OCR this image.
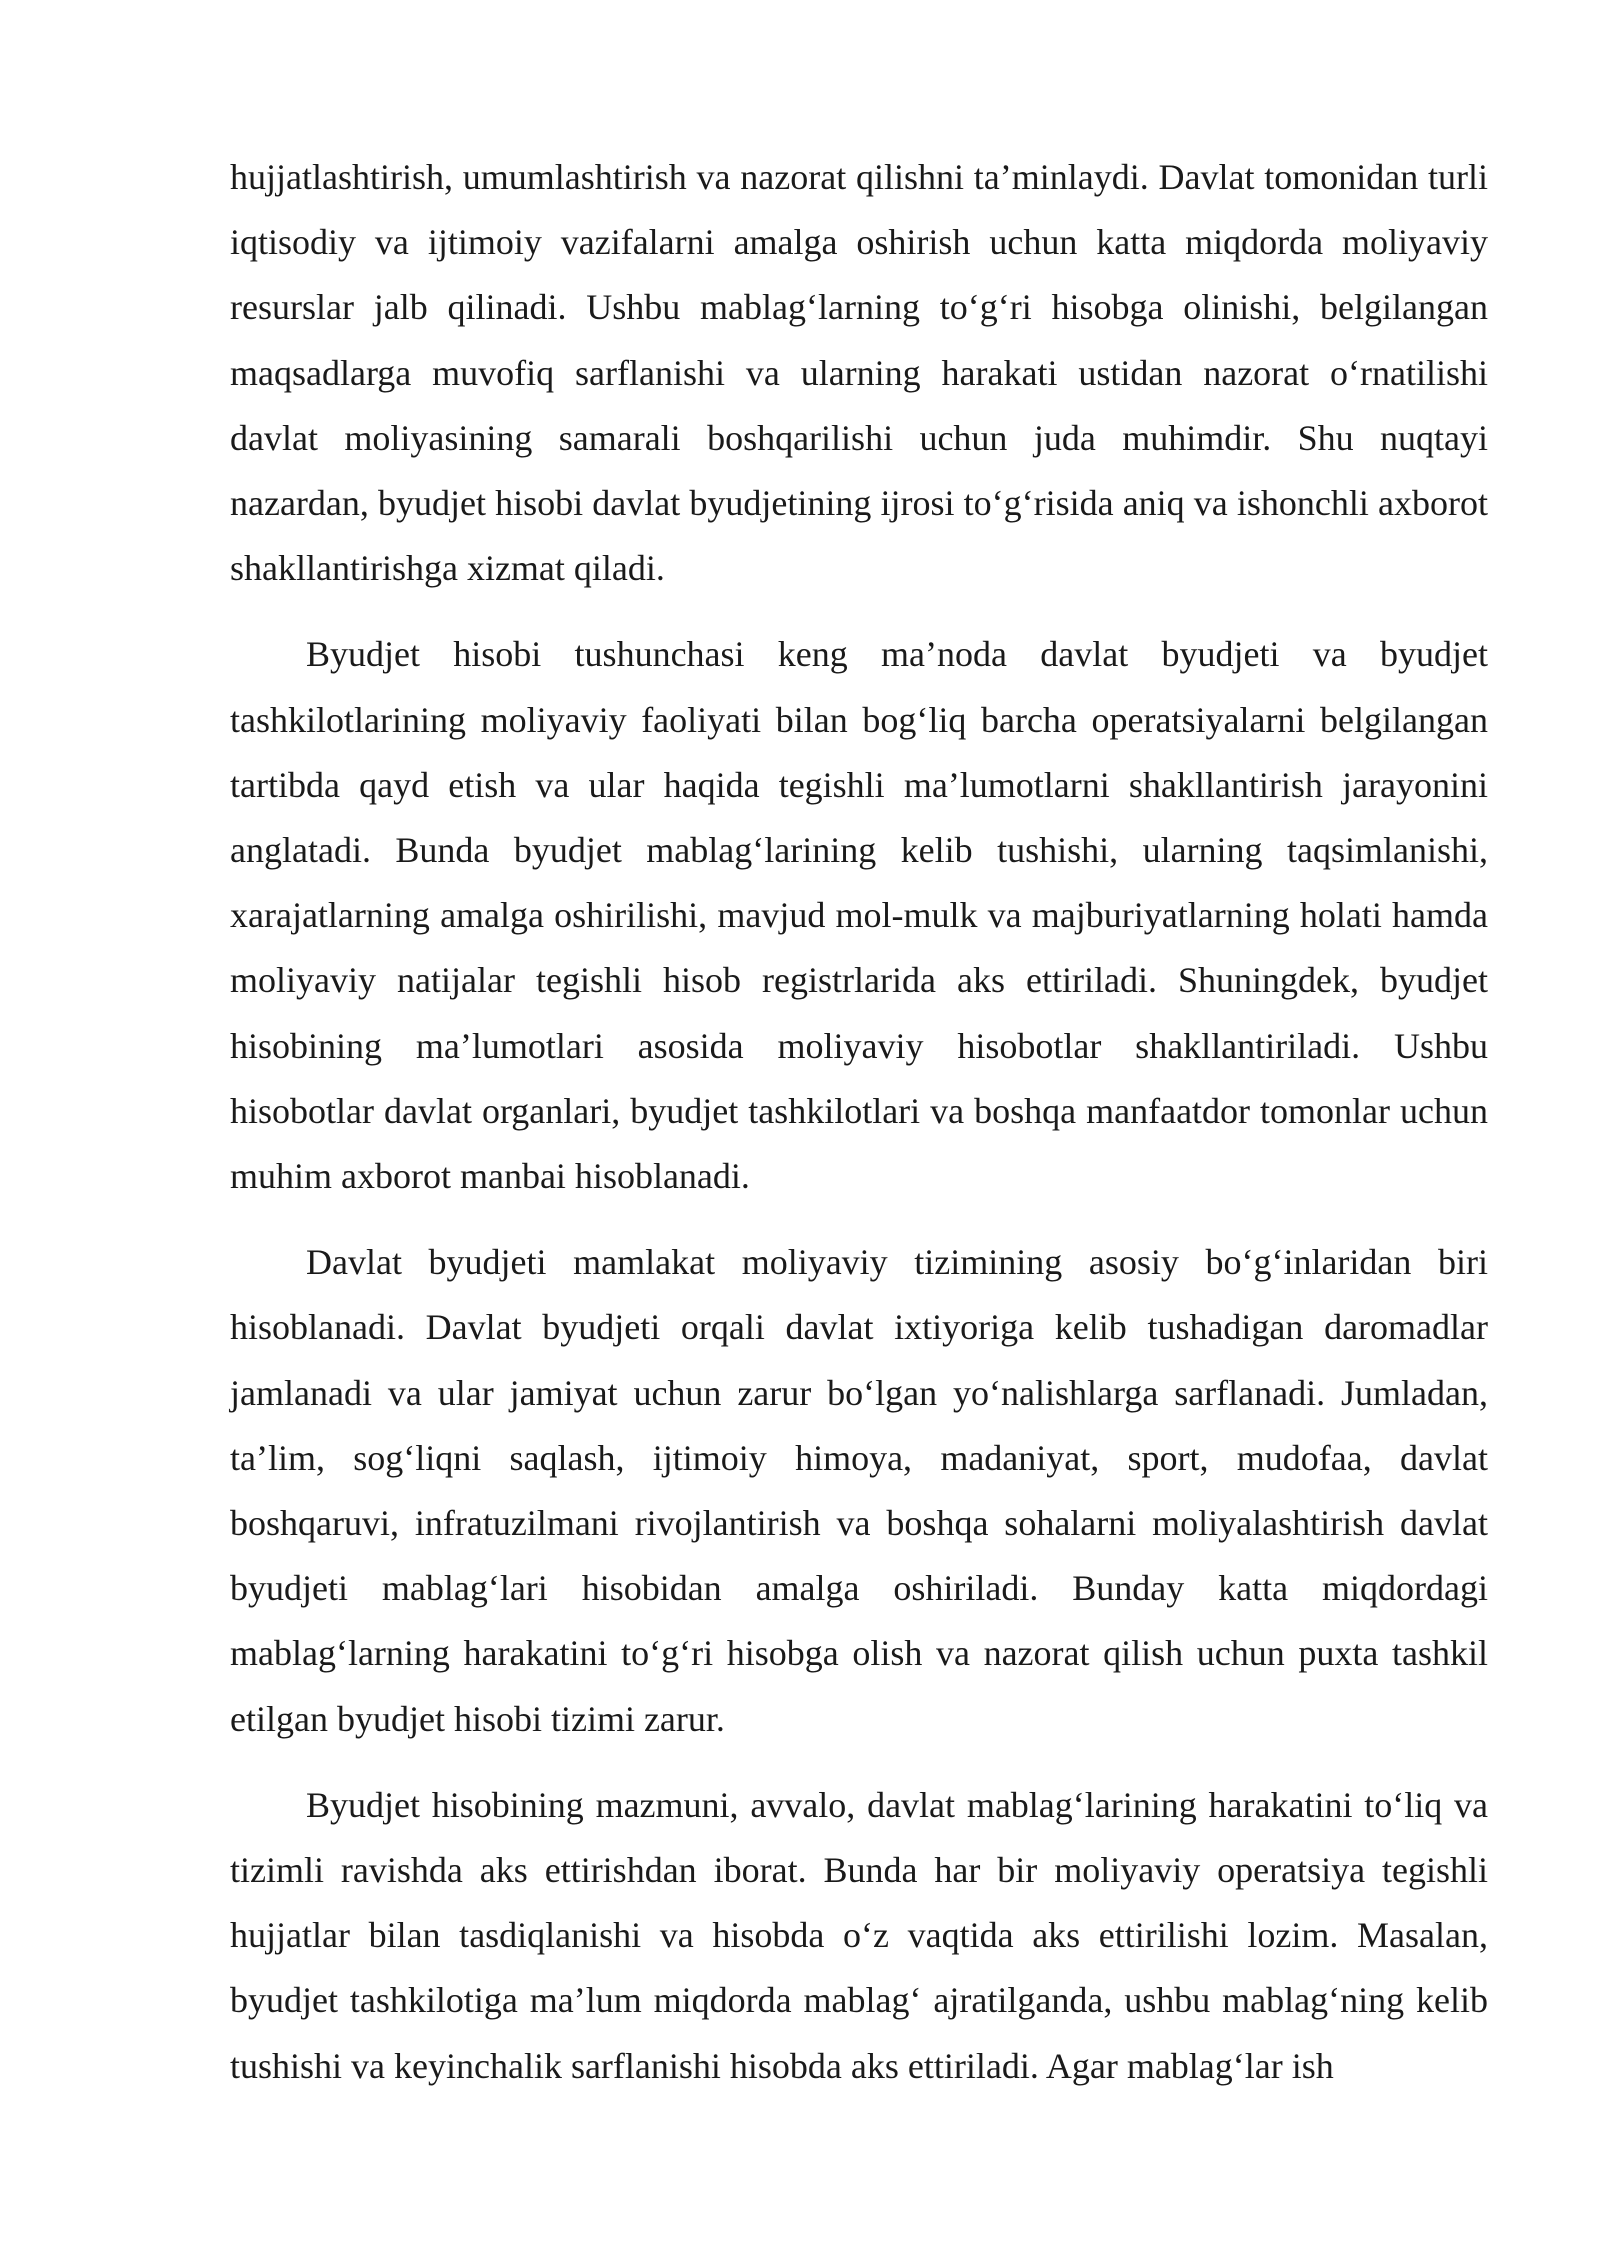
hujjatlashtirish, umumlashtirish va nazorat qilishni ta’minlaydi. Davlat tomonidan turli iqtisodiy va ijtimoiy vazifalarni amalga oshirish uchun katta miqdorda moliyaviy resurslar jalb qilinadi. Ushbu mablag‘larning to‘g‘ri hisobga olinishi, belgilangan maqsadlarga muvofiq sarflanishi va ularning harakati ustidan nazorat o‘rnatilishi davlat moliyasining samarali boshqarilishi uchun juda muhimdir. Shu nuqtayi nazardan, byudjet hisobi davlat byudjetining ijrosi to‘g‘risida aniq va ishonchli axborot shakllantirishga xizmat qiladi.

Byudjet hisobi tushunchasi keng ma’noda davlat byudjeti va byudjet tashkilotlarining moliyaviy faoliyati bilan bog‘liq barcha operatsiyalarni belgilangan tartibda qayd etish va ular haqida tegishli ma’lumotlarni shakllantirish jarayonini anglatadi. Bunda byudjet mablag‘larining kelib tushishi, ularning taqsimlanishi, xarajatlarning amalga oshirilishi, mavjud mol-mulk va majburiyatlarning holati hamda moliyaviy natijalar tegishli hisob registrlarida aks ettiriladi. Shuningdek, byudjet hisobining ma’lumotlari asosida moliyaviy hisobotlar shakllantiriladi. Ushbu hisobotlar davlat organlari, byudjet tashkilotlari va boshqa manfaatdor tomonlar uchun muhim axborot manbai hisoblanadi.

Davlat byudjeti mamlakat moliyaviy tizimining asosiy bo‘g‘inlaridan biri hisoblanadi. Davlat byudjeti orqali davlat ixtiyoriga kelib tushadigan daromadlar jamlanadi va ular jamiyat uchun zarur bo‘lgan yo‘nalishlarga sarflanadi. Jumladan, ta’lim, sog‘liqni saqlash, ijtimoiy himoya, madaniyat, sport, mudofaa, davlat boshqaruvi, infratuzilmani rivojlantirish va boshqa sohalarni moliyalashtirish davlat byudjeti mablag‘lari hisobidan amalga oshiriladi. Bunday katta miqdordagi mablag‘larning harakatini to‘g‘ri hisobga olish va nazorat qilish uchun puxta tashkil etilgan byudjet hisobi tizimi zarur.

Byudjet hisobining mazmuni, avvalo, davlat mablag‘larining harakatini to‘liq va tizimli ravishda aks ettirishdan iborat. Bunda har bir moliyaviy operatsiya tegishli hujjatlar bilan tasdiqlanishi va hisobda o‘z vaqtida aks ettirilishi lozim. Masalan, byudjet tashkilotiga ma’lum miqdorda mablag‘ ajratilganda, ushbu mablag‘ning kelib tushishi va keyinchalik sarflanishi hisobda aks ettiriladi. Agar mablag‘lar ish
